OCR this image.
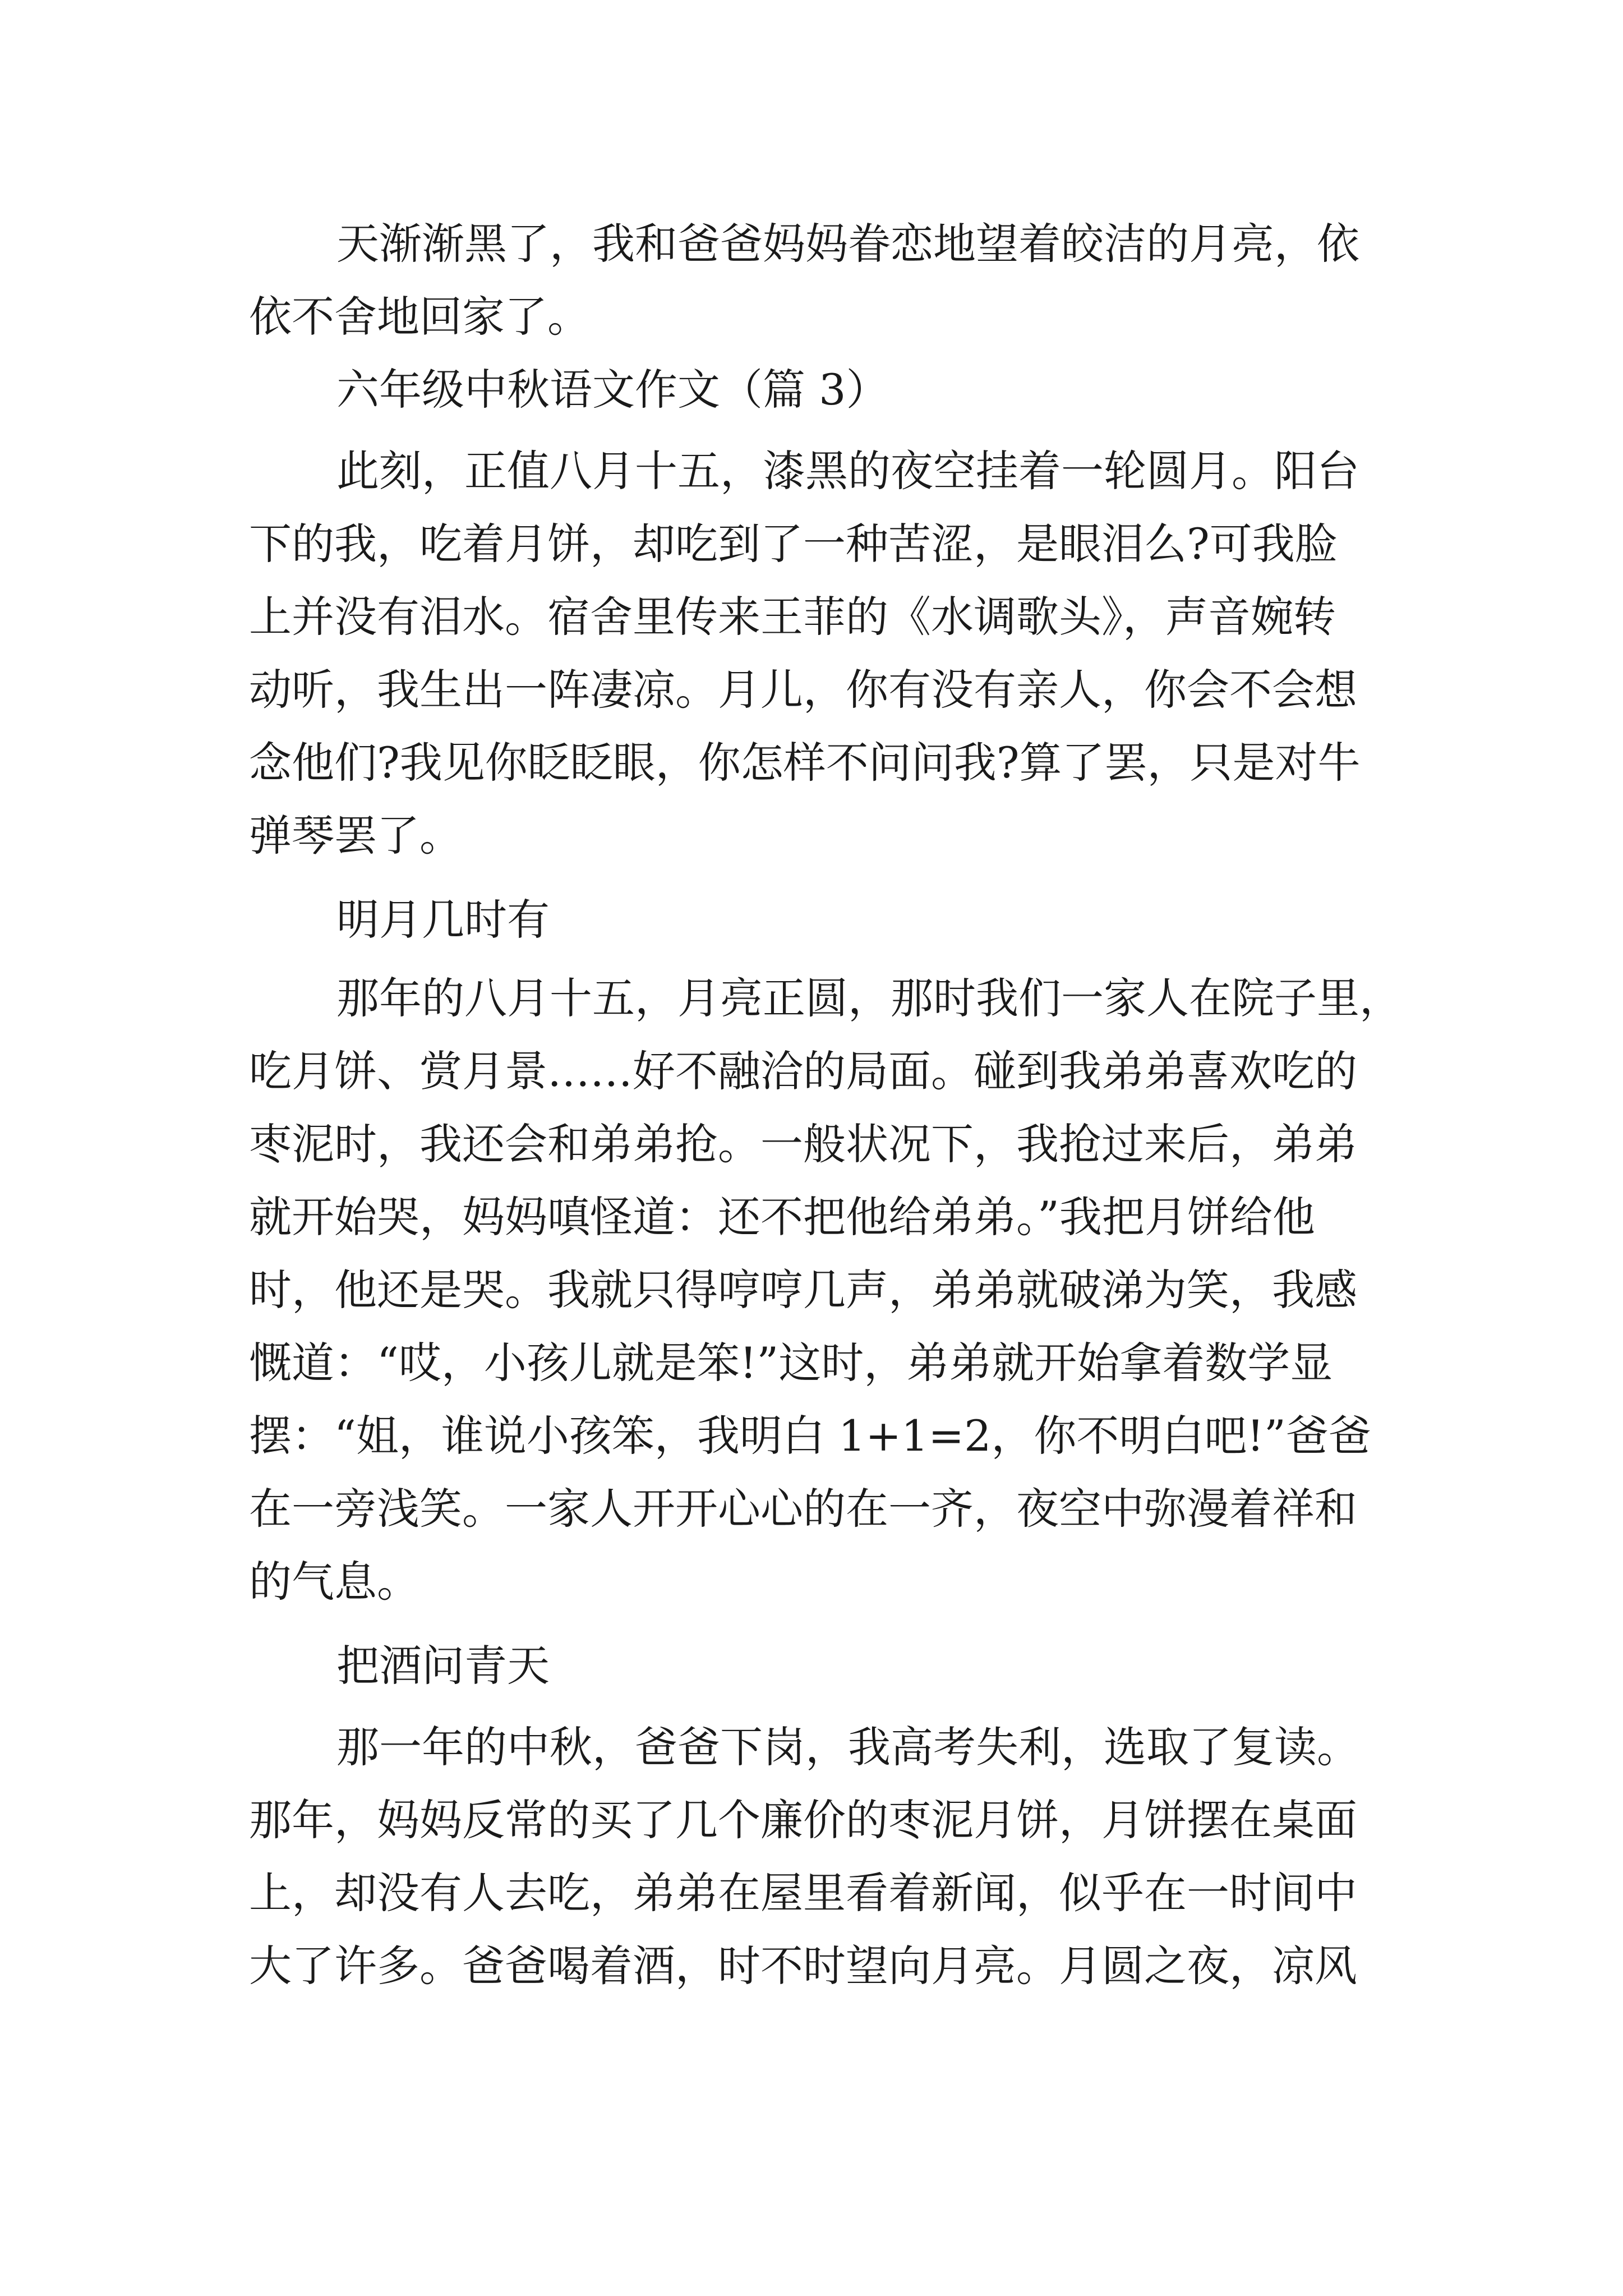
天渐渐黑了，我和爸爸妈妈眷恋地望着皎洁的月亮，依

依不舍地回家了。

六年级中秋语文作文（篇 3）

此刻，正值八月十五，漆黑的夜空挂着一轮圆月。阳台

下的我，吃着月饼，却吃到了一种苦涩，是眼泪么?可我脸

上并没有泪水。宿舍里传来王菲的《水调歌头》，声音婉转

动听，我生出一阵凄凉。月儿，你有没有亲人，你会不会想

念他们?我见你眨眨眼，你怎样不问问我?算了罢，只是对牛

弹琴罢了。

明月几时有

那年的八月十五，月亮正圆，那时我们一家人在院子里，

吃月饼、赏月景……好不融洽的局面。碰到我弟弟喜欢吃的

枣泥时，我还会和弟弟抢。一般状况下，我抢过来后，弟弟

就开始哭，妈妈嗔怪道：还不把他给弟弟。”我把月饼给他

时，他还是哭。我就只得哼哼几声，弟弟就破涕为笑，我感

慨道：“哎，小孩儿就是笨!”这时，弟弟就开始拿着数学显

摆：“姐，谁说小孩笨，我明白 1+1=2，你不明白吧!”爸爸

在一旁浅笑。一家人开开心心的在一齐，夜空中弥漫着祥和

的气息。

把酒问青天

那一年的中秋，爸爸下岗，我高考失利，选取了复读。

那年，妈妈反常的买了几个廉价的枣泥月饼，月饼摆在桌面

上，却没有人去吃，弟弟在屋里看着新闻，似乎在一时间中

大了许多。爸爸喝着酒，时不时望向月亮。月圆之夜，凉风
